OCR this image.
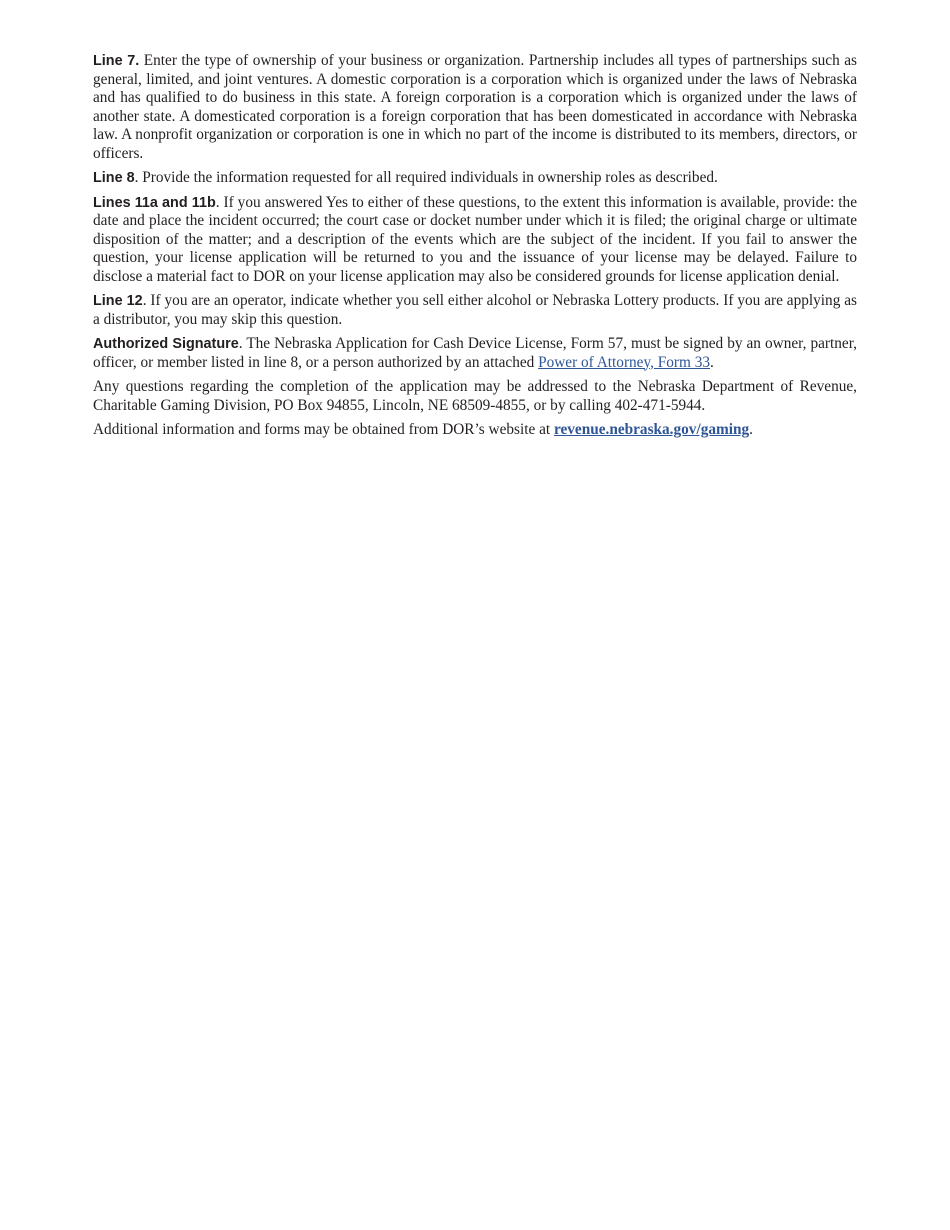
Line 7. Enter the type of ownership of your business or organization. Partnership includes all types of partnerships such as general, limited, and joint ventures. A domestic corporation is a corporation which is organized under the laws of Nebraska and has qualified to do business in this state. A foreign corporation is a corporation which is organized under the laws of another state. A domesticated corporation is a foreign corporation that has been domesticated in accordance with Nebraska law. A nonprofit organization or corporation is one in which no part of the income is distributed to its members, directors, or officers.

Line 8. Provide the information requested for all required individuals in ownership roles as described.

Lines 11a and 11b. If you answered Yes to either of these questions, to the extent this information is available, provide: the date and place the incident occurred; the court case or docket number under which it is filed; the original charge or ultimate disposition of the matter; and a description of the events which are the subject of the incident. If you fail to answer the question, your license application will be returned to you and the issuance of your license may be delayed. Failure to disclose a material fact to DOR on your license application may also be considered grounds for license application denial.

Line 12. If you are an operator, indicate whether you sell either alcohol or Nebraska Lottery products. If you are applying as a distributor, you may skip this question.

Authorized Signature. The Nebraska Application for Cash Device License, Form 57, must be signed by an owner, partner, officer, or member listed in line 8, or a person authorized by an attached Power of Attorney, Form 33.

Any questions regarding the completion of the application may be addressed to the Nebraska Department of Revenue, Charitable Gaming Division, PO Box 94855, Lincoln, NE 68509-4855, or by calling 402-471-5944.

Additional information and forms may be obtained from DOR’s website at revenue.nebraska.gov/gaming.
